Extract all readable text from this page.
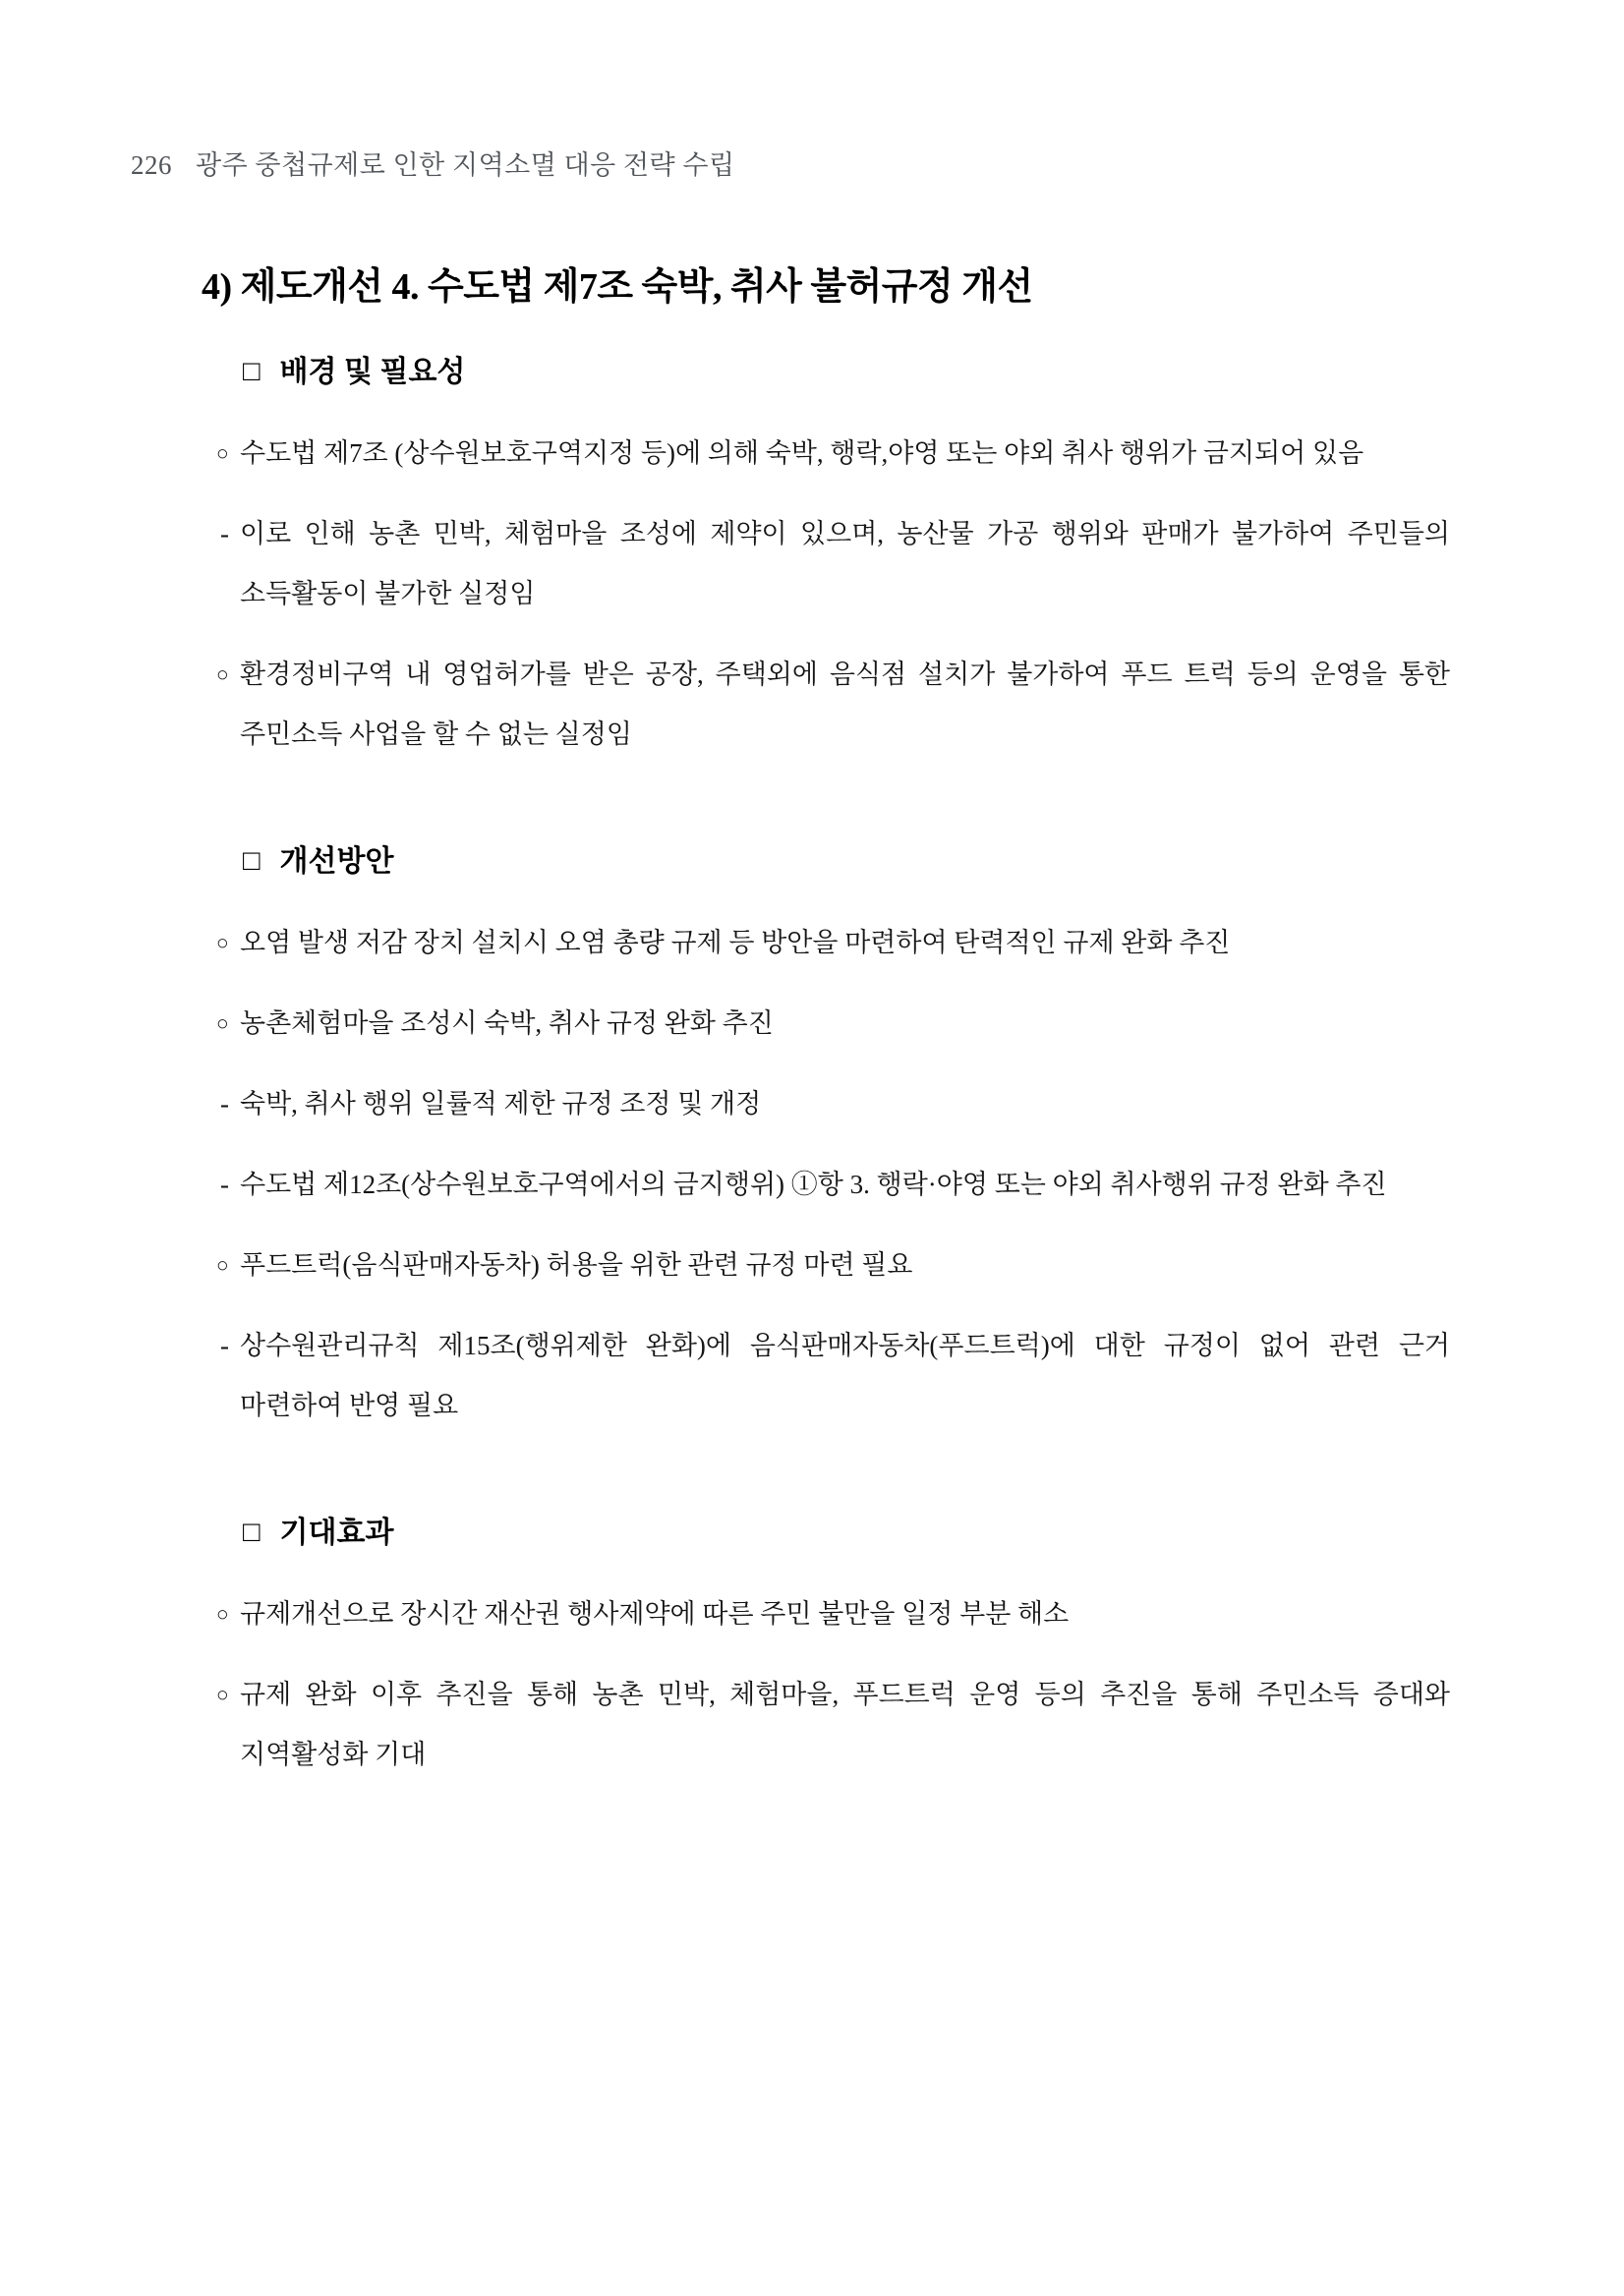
226 광주 중첩규제로 인한 지역소멸 대응 전략 수립
4) 제도개선 4. 수도법 제7조 숙박, 취사 불허규정 개선
□ 배경 및 필요성
○ 수도법 제7조 (상수원보호구역지정 등)에 의해 숙박, 행락,야영 또는 야외 취사 행위가 금지되어 있음

- 이로 인해 농촌 민박, 체험마을 조성에 제약이 있으며, 농산물 가공 행위와 판매가 불가하여 주민들의 소득활동이 불가한 실정임

○ 환경정비구역 내 영업허가를 받은 공장, 주택외에 음식점 설치가 불가하여 푸드 트럭 등의 운영을 통한 주민소득 사업을 할 수 없는 실정임

□ 개선방안
○ 오염 발생 저감 장치 설치시 오염 총량 규제 등 방안을 마련하여 탄력적인 규제 완화 추진

○ 농촌체험마을 조성시 숙박, 취사 규정 완화 추진

- 숙박, 취사 행위 일률적 제한 규정 조정 및 개정

- 수도법 제12조(상수원보호구역에서의 금지행위) ①항 3. 행락·야영 또는 야외 취사행위 규정 완화 추진

○ 푸드트럭(음식판매자동차) 허용을 위한 관련 규정 마련 필요

- 상수원관리규칙 제15조(행위제한 완화)에 음식판매자동차(푸드트럭)에 대한 규정이 없어 관련 근거 마련하여 반영 필요

□ 기대효과
○ 규제개선으로 장시간 재산권 행사제약에 따른 주민 불만을 일정 부분 해소

○ 규제 완화 이후 추진을 통해 농촌 민박, 체험마을, 푸드트럭 운영 등의 추진을 통해 주민소득 증대와 지역활성화 기대
